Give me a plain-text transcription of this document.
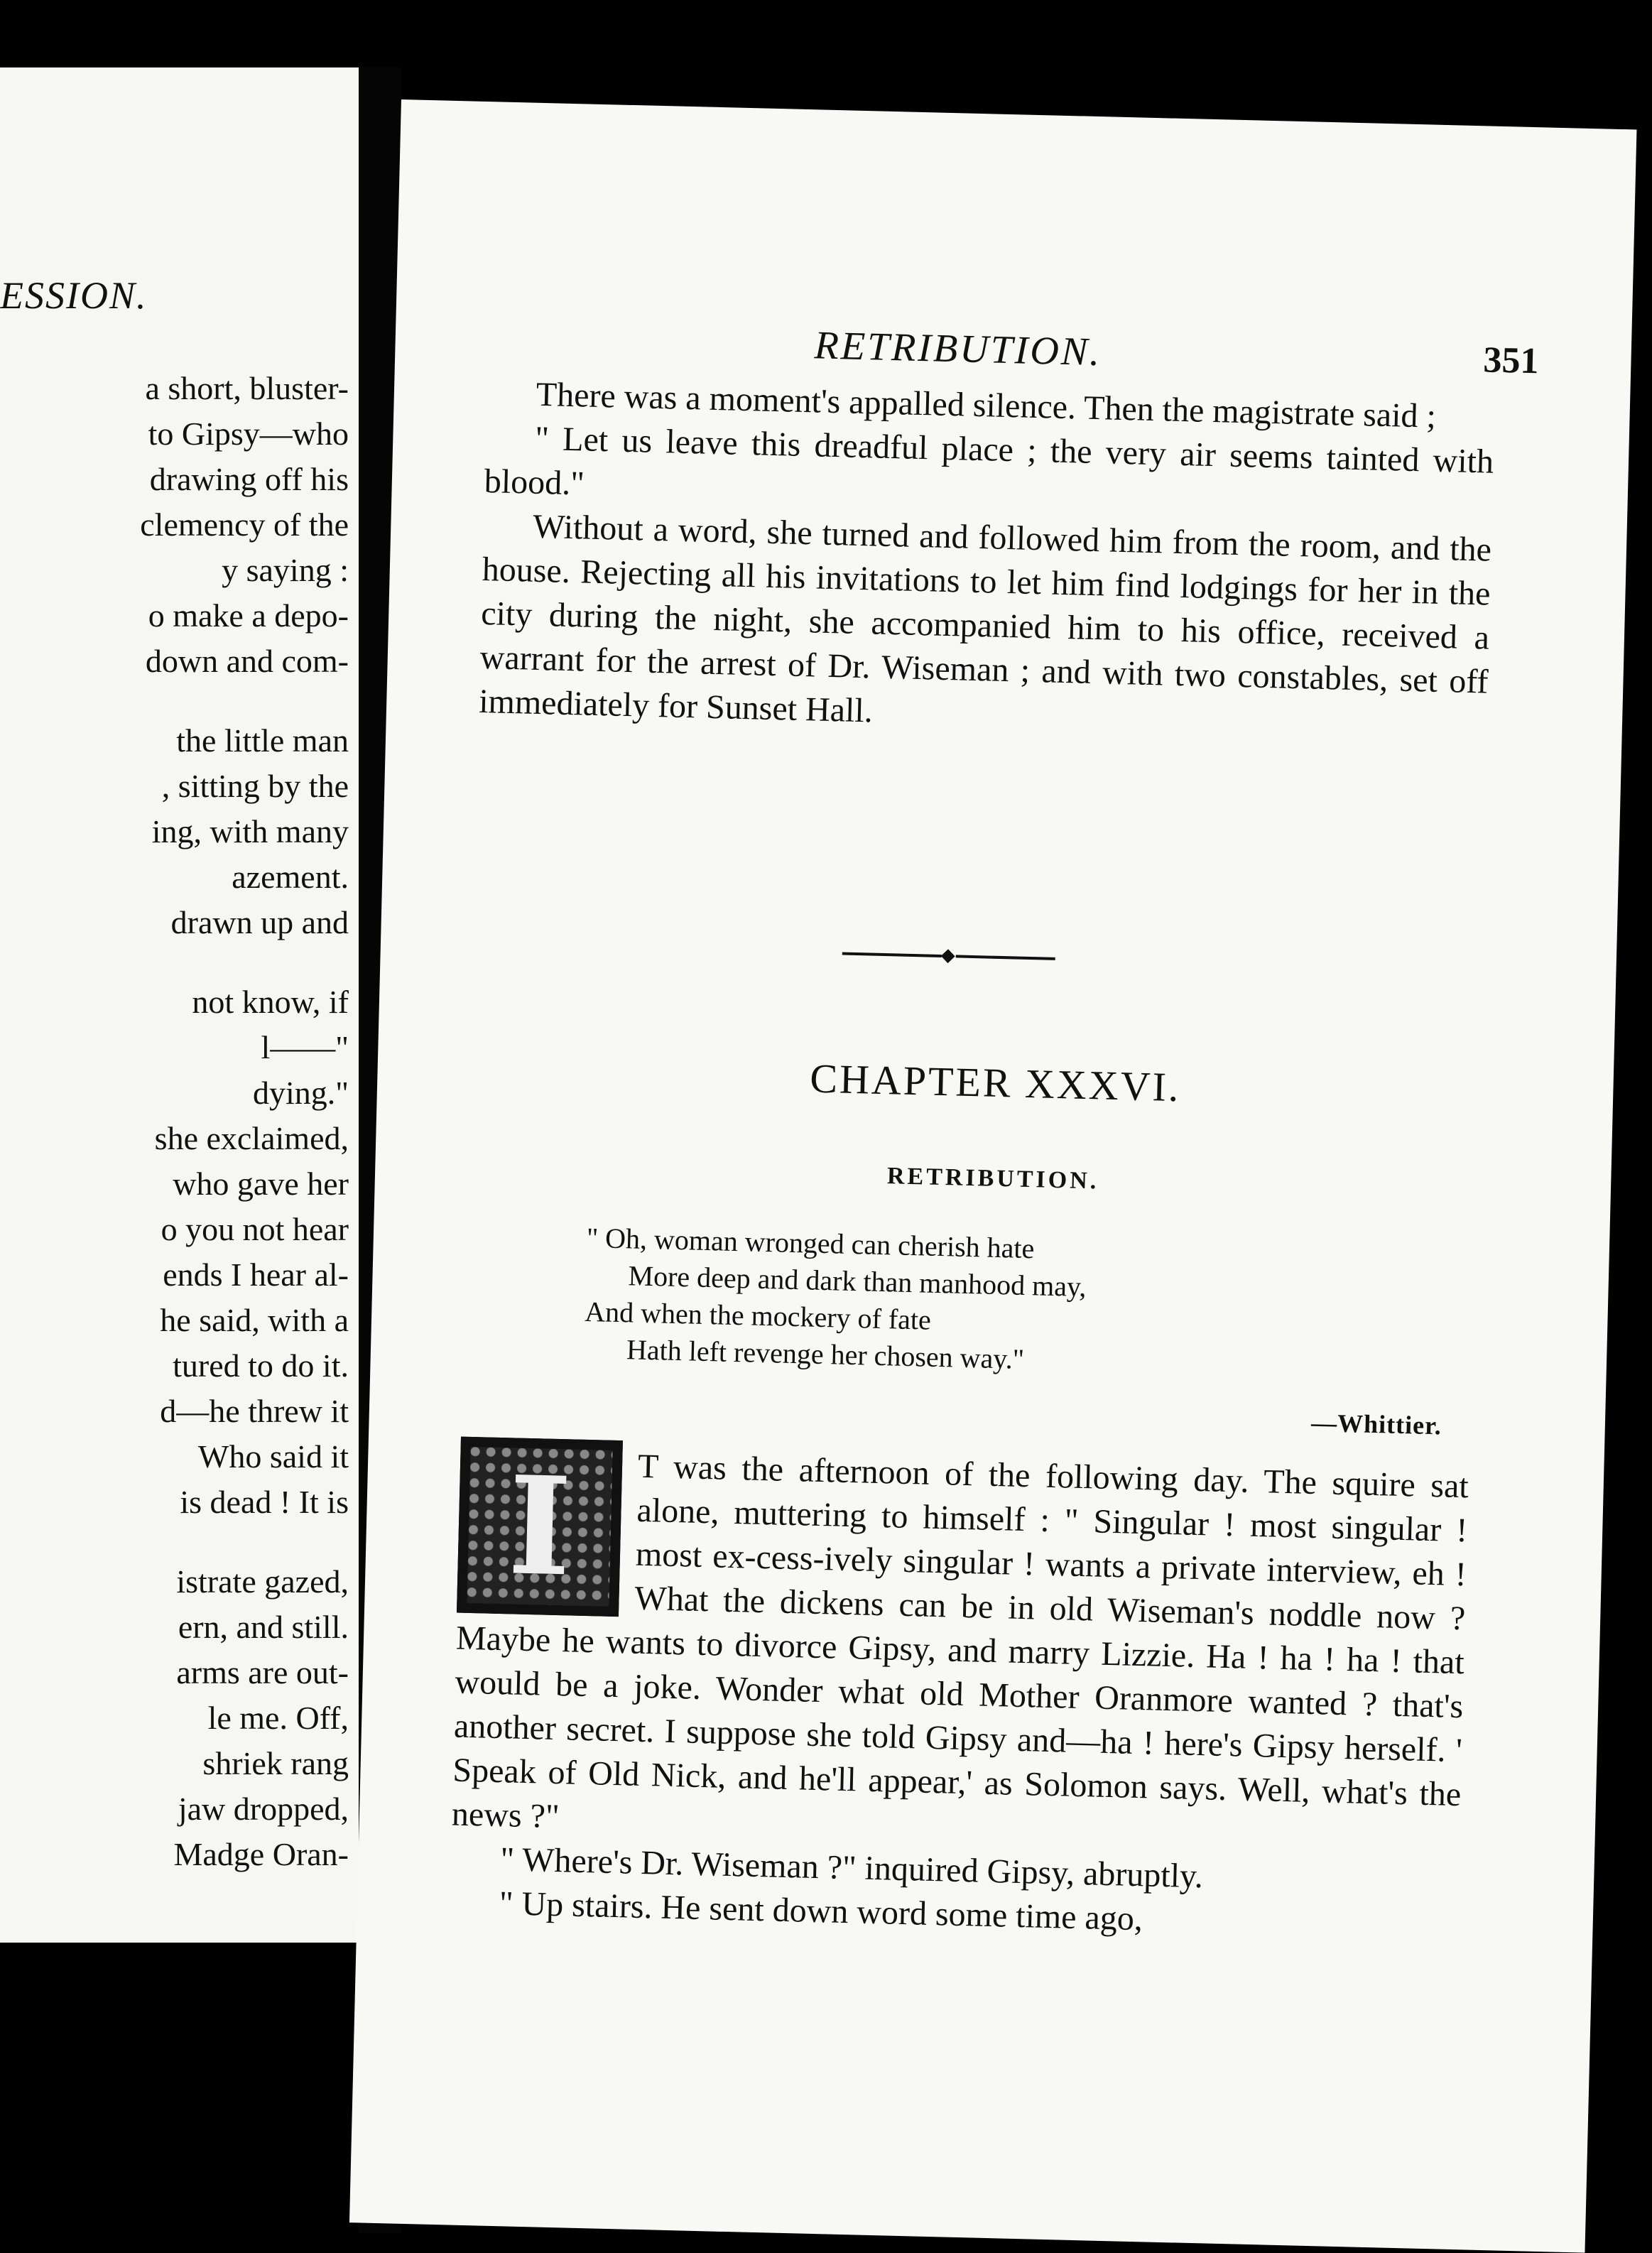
ESSION.
a short, bluster-
to Gipsy—who
drawing off his
clemency of the
y saying :
o make a depo-
down and com-
the little man
, sitting by the
ing, with many
azement.
drawn up and
not know, if
l——"
dying."
she exclaimed,
who gave her
o you not hear
ends I hear al-
he said, with a
tured to do it.
d—he threw it
Who said it
is dead ! It is
istrate gazed,
ern, and still.
arms are out-
le me. Off,
shriek rang
jaw dropped,
Madge Oran-
RETRIBUTION.	351

There was a moment's appalled silence. Then the magistrate said ;

" Let us leave this dreadful place ; the very air seems tainted with blood."

Without a word, she turned and followed him from the room, and the house. Rejecting all his invitations to let him find lodgings for her in the city during the night, she accompanied him to his office, received a warrant for the arrest of Dr. Wiseman ; and with two constables, set off immediately for Sunset Hall.

CHAPTER XXXVI.
RETRIBUTION.
" Oh, woman wronged can cherish hate
More deep and dark than manhood may,
And when the mockery of fate
Hath left revenge her chosen way."
—Whittier.

T was the afternoon of the following day. The squire sat alone, muttering to himself : " Singular ! most singular ! most ex-cess-ively singular ! wants a private interview, eh ! What the dickens can be in old Wiseman's noddle now ? Maybe he wants to divorce Gipsy, and marry Lizzie. Ha ! ha ! ha ! that would be a joke. Wonder what old Mother Oranmore wanted ? that's another secret. I suppose she told Gipsy and—ha ! here's Gipsy herself. ' Speak of Old Nick, and he'll appear,' as Solomon says. Well, what's the news ?"

" Where's Dr. Wiseman ?" inquired Gipsy, abruptly.

" Up stairs. He sent down word some time ago,

I
